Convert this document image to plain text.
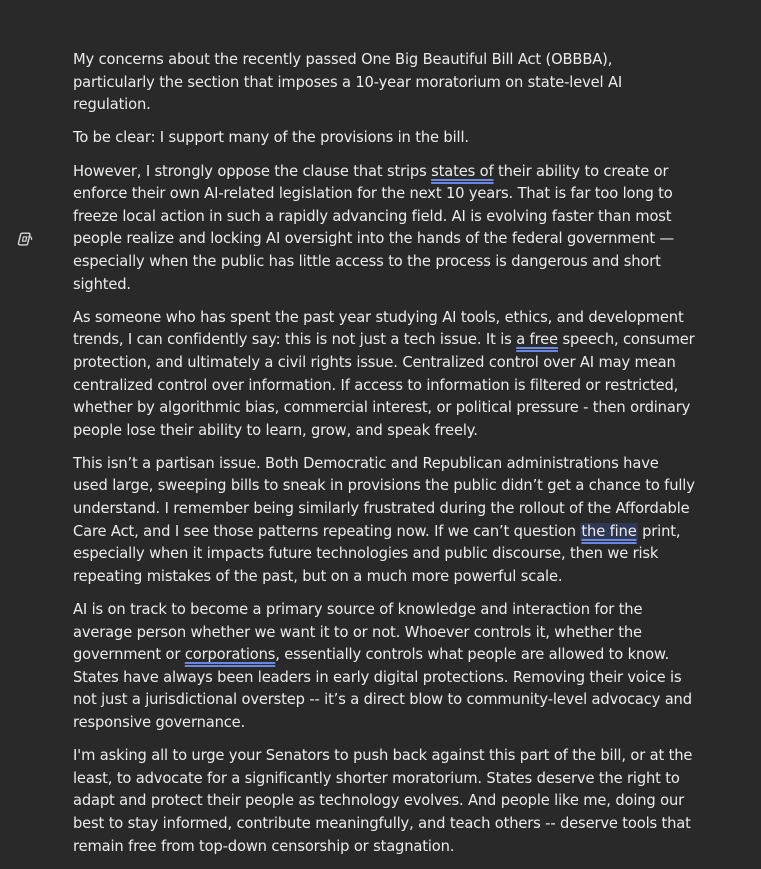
My concerns about the recently passed One Big Beautiful Bill Act (OBBBA), particularly the section that imposes a 10-year moratorium on state-level AI regulation.

To be clear: I support many of the provisions in the bill.

However, I strongly oppose the clause that strips states of their ability to create or enforce their own AI-related legislation for the next 10 years. That is far too long to freeze local action in such a rapidly advancing field. AI is evolving faster than most people realize and locking AI oversight into the hands of the federal government — especially when the public has little access to the process is dangerous and short sighted.

As someone who has spent the past year studying AI tools, ethics, and development trends, I can confidently say: this is not just a tech issue. It is a free speech, consumer protection, and ultimately a civil rights issue. Centralized control over AI may mean centralized control over information. If access to information is filtered or restricted, whether by algorithmic bias, commercial interest, or political pressure - then ordinary people lose their ability to learn, grow, and speak freely.

This isn’t a partisan issue. Both Democratic and Republican administrations have used large, sweeping bills to sneak in provisions the public didn’t get a chance to fully understand. I remember being similarly frustrated during the rollout of the Affordable Care Act, and I see those patterns repeating now. If we can’t question the fine print, especially when it impacts future technologies and public discourse, then we risk repeating mistakes of the past, but on a much more powerful scale.

AI is on track to become a primary source of knowledge and interaction for the average person whether we want it to or not. Whoever controls it, whether the government or corporations, essentially controls what people are allowed to know. States have always been leaders in early digital protections. Removing their voice is not just a jurisdictional overstep -- it’s a direct blow to community-level advocacy and responsive governance.

I'm asking all to urge your Senators to push back against this part of the bill, or at the least, to advocate for a significantly shorter moratorium. States deserve the right to adapt and protect their people as technology evolves. And people like me, doing our best to stay informed, contribute meaningfully, and teach others -- deserve tools that remain free from top-down censorship or stagnation.
